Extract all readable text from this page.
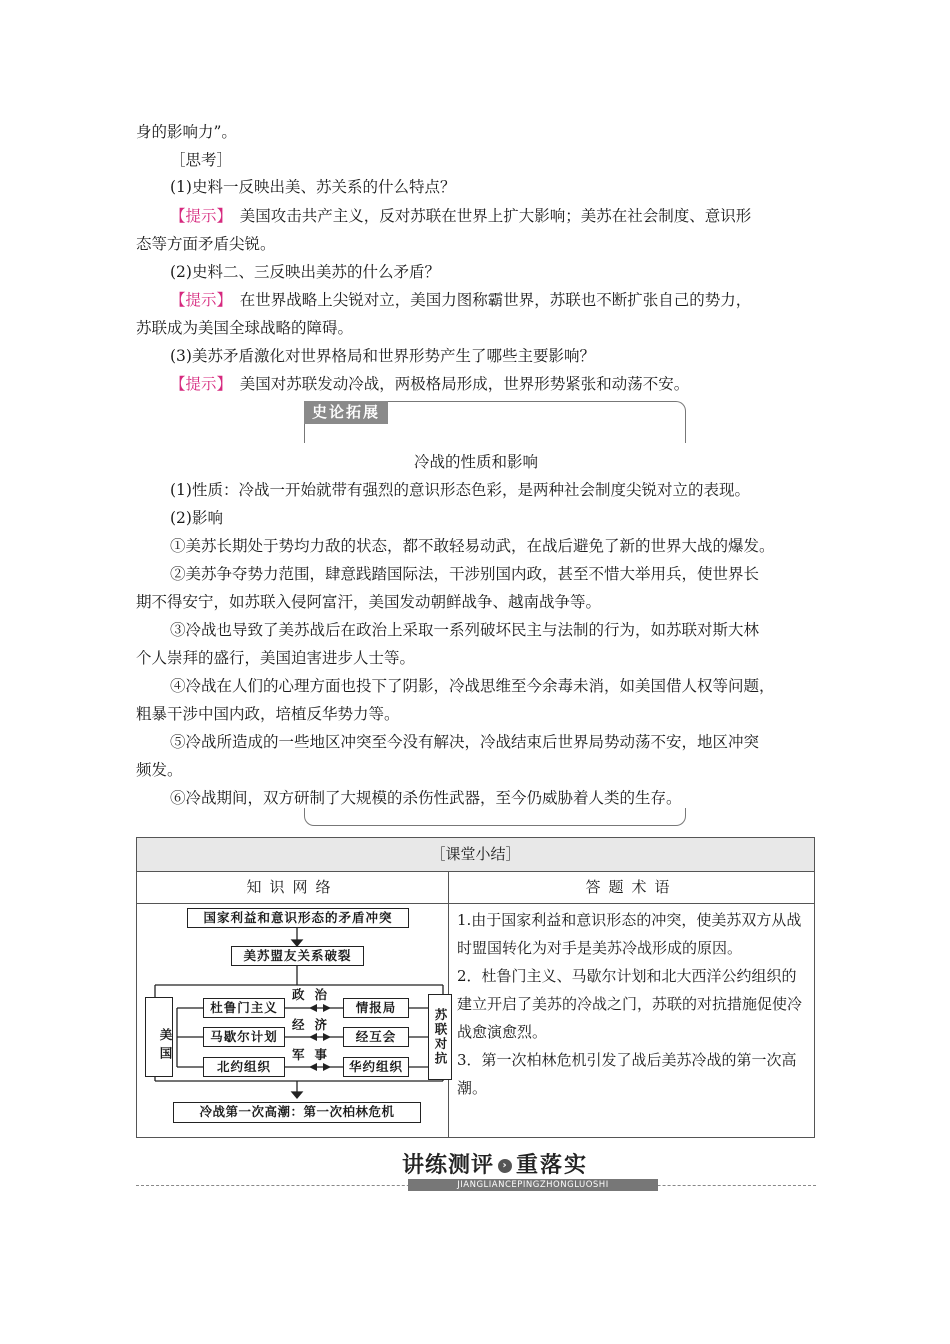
身的影响力”。
［思考］
(1)史料一反映出美、苏关系的什么特点？
【提示】　美国攻击共产主义，反对苏联在世界上扩大影响；美苏在社会制度、意识形
态等方面矛盾尖锐。
(2)史料二、三反映出美苏的什么矛盾？
【提示】　在世界战略上尖锐对立，美国力图称霸世界，苏联也不断扩张自己的势力，
苏联成为美国全球战略的障碍。
(3)美苏矛盾激化对世界格局和世界形势产生了哪些主要影响？
【提示】　美国对苏联发动冷战，两极格局形成，世界形势紧张和动荡不安。
史论拓展
冷战的性质和影响
(1)性质：冷战一开始就带有强烈的意识形态色彩，是两种社会制度尖锐对立的表现。
(2)影响
①美苏长期处于势均力敌的状态，都不敢轻易动武，在战后避免了新的世界大战的爆发。
②美苏争夺势力范围，肆意践踏国际法，干涉别国内政，甚至不惜大举用兵，使世界长
期不得安宁，如苏联入侵阿富汗，美国发动朝鲜战争、越南战争等。
③冷战也导致了美苏战后在政治上采取一系列破坏民主与法制的行为，如苏联对斯大林
个人崇拜的盛行，美国迫害进步人士等。
④冷战在人们的心理方面也投下了阴影，冷战思维至今余毒未消，如美国借人权等问题，
粗暴干涉中国内政，培植反华势力等。
⑤冷战所造成的一些地区冲突至今没有解决，冷战结束后世界局势动荡不安，地区冲突
频发。
⑥冷战期间，双方研制了大规模的杀伤性武器，至今仍威胁着人类的生存。
［课堂小结］
知识网络	答题术语
国家利益和意识形态的矛盾冲突
美苏盟友关系破裂
美国	苏联对抗
杜鲁门主义
马歇尔计划
北约组织
情报局
经互会
华约组织
政治
经济
军事
冷战第一次高潮：第一次柏林危机

1.由于国家利益和意识形态的冲突，使美苏双方从战时盟国转化为对手是美苏冷战形成的原因。

2．杜鲁门主义、马歇尔计划和北大西洋公约组织的建立开启了美苏的冷战之门，苏联的对抗措施促使冷战愈演愈烈。

3．第一次柏林危机引发了战后美苏冷战的第一次高潮。

讲练测评 › 重落实
JIANGLIANCEPINGZHONGLUOSHI
